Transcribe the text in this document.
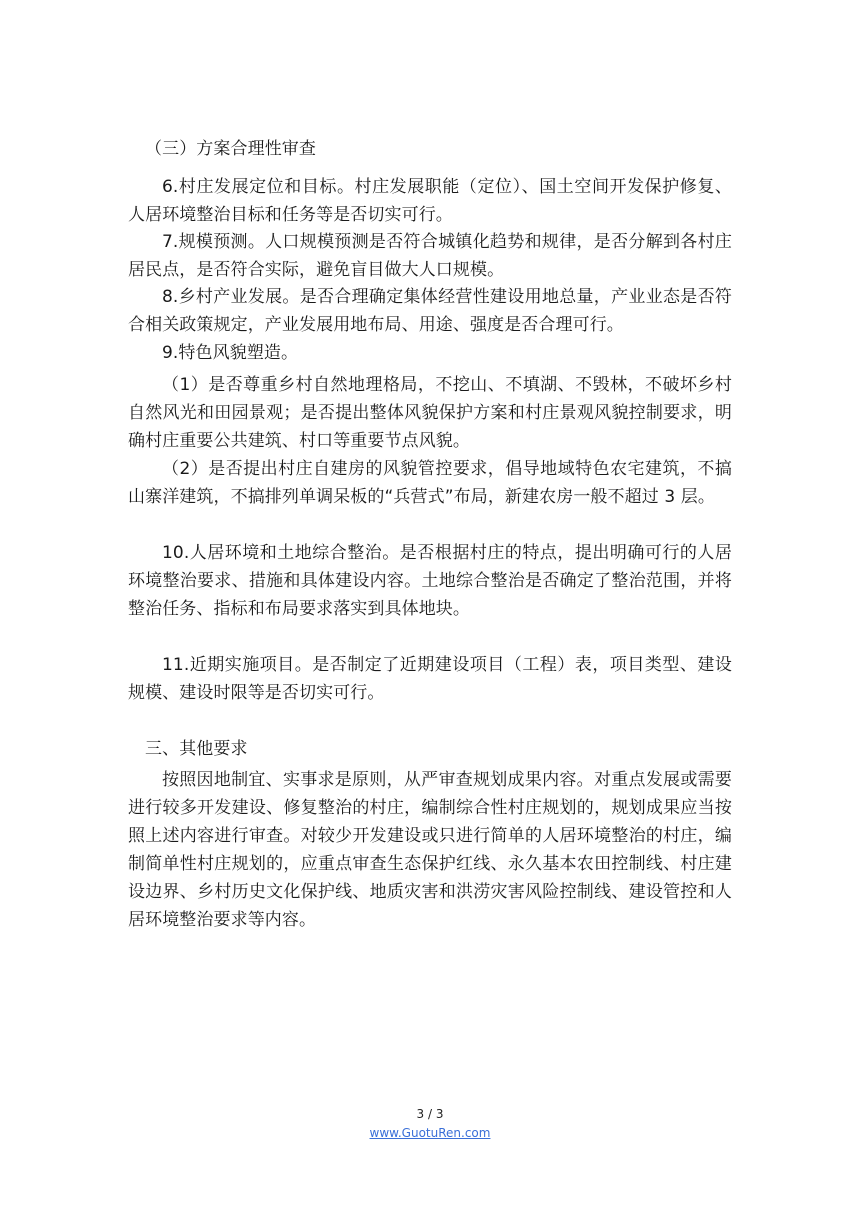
（三）方案合理性审查

6.村庄发展定位和目标。村庄发展职能（定位）、国土空间开发保护修复、人居环境整治目标和任务等是否切实可行。

7.规模预测。人口规模预测是否符合城镇化趋势和规律，是否分解到各村庄居民点，是否符合实际，避免盲目做大人口规模。

8.乡村产业发展。是否合理确定集体经营性建设用地总量，产业业态是否符合相关政策规定，产业发展用地布局、用途、强度是否合理可行。

9.特色风貌塑造。

（1）是否尊重乡村自然地理格局，不挖山、不填湖、不毁林，不破坏乡村自然风光和田园景观；是否提出整体风貌保护方案和村庄景观风貌控制要求，明确村庄重要公共建筑、村口等重要节点风貌。

（2）是否提出村庄自建房的风貌管控要求，倡导地域特色农宅建筑，不搞山寨洋建筑，不搞排列单调呆板的“兵营式”布局，新建农房一般不超过 3 层。

10.人居环境和土地综合整治。是否根据村庄的特点，提出明确可行的人居环境整治要求、措施和具体建设内容。土地综合整治是否确定了整治范围，并将整治任务、指标和布局要求落实到具体地块。

11.近期实施项目。是否制定了近期建设项目（工程）表，项目类型、建设规模、建设时限等是否切实可行。

三、其他要求

按照因地制宜、实事求是原则，从严审查规划成果内容。对重点发展或需要进行较多开发建设、修复整治的村庄，编制综合性村庄规划的，规划成果应当按照上述内容进行审查。对较少开发建设或只进行简单的人居环境整治的村庄，编制简单性村庄规划的，应重点审查生态保护红线、永久基本农田控制线、村庄建设边界、乡村历史文化保护线、地质灾害和洪涝灾害风险控制线、建设管控和人居环境整治要求等内容。

3 / 3
www.GuotuRen.com
